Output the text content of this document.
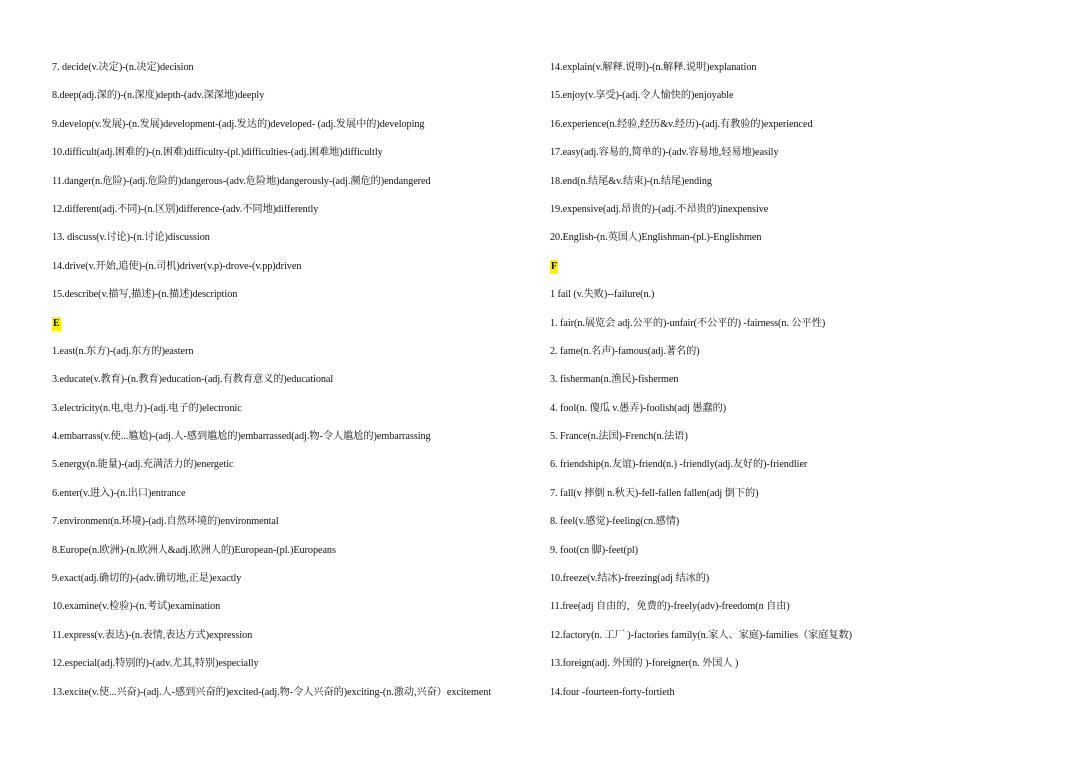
7. decide(v.决定)-(n.决定)decision
8.deep(adj.深的)-(n.深度)depth-(adv.深深地)deeply
9.develop(v.发展)-(n.发展)development-(adj.发达的)developed- (adj.发展中的)developing
10.difficult(adj.困难的)-(n.困难)difficulty-(pl.)difficulties-(adj.困难地)difficultly
11.danger(n.危险)-(adj.危险的)dangerous-(adv.危险地)dangerously-(adj.濒危的)endangered
12.different(adj.不同)-(n.区别)difference-(adv.不同地)differently
13. discuss(v.讨论)-(n.讨论)discussion
14.drive(v.开始,追使)-(n.司机)driver(v.p)-drove-(v.pp)driven
15.describe(v.描写,描述)-(n.描述)description
E
1.east(n.东方)-(adj.东方的)eastern
3.educate(v.教育)-(n.教育)education-(adj.有教育意义的)educational
3.electricity(n.电,电力)-(adj.电子的)electronic
4.embarrass(v.使...尴尬)-(adj.人-感到尴尬的)embarrassed(adj.物-令人尴尬的)embarrassing
5.energy(n.能量)-(adj.充满活力的)energetic
6.enter(v.进入)-(n.出口)entrance
7.environment(n.环境)-(adj.自然环境的)environmental
8.Europe(n.欧洲)-(n.欧洲人&adj.欧洲人的)European-(pl.)Europeans
9.exact(adj.确切的)-(adv.确切地,正是)exactly
10.examine(v.检验)-(n.考试)examination
11.express(v.表达)-(n.表情,表达方式)expression
12.especial(adj.特别的)-(adv.尤其,特别)especially
13.excite(v.使...兴奋)-(adj.人-感到兴奋的)excited-(adj.物-令人兴奋的)exciting-(n.激动,兴奋）excitement
14.explain(v.解释.说明)-(n.解释.说明)explanation
15.enjoy(v.享受)-(adj.令人愉快的)enjoyable
16.experience(n.经验,经历&v.经历)-(adj.有教验的)experienced
17.easy(adj.容易的,简单的)-(adv.容易地,轻易地)easily
18.end(n.结尾&v.结束)-(n.结尾)ending
19.expensive(adj.昂贵的)-(adj.不昂贵的)inexpensive
20.English-(n.英国人)Englishman-(pl.)-Englishmen
F
1 fail (v.失败)--failure(n.)
1. fair(n.展览会 adj.公平的)-unfair(不公平的) -fairness(n. 公平性)
2. fame(n.名声)-famous(adj.著名的)
3. fisherman(n.渔民)-fishermen
4. fool(n. 傻瓜 v.愚弄)-foolish(adj 愚蠢的)
5. France(n.法国)-French(n.法语)
6. friendship(n.友谊)-friend(n.) -friendly(adj.友好的)-friendlier
7. fall(v 摔倒 n.秋天)-fell-fallen fallen(adj 倒下的)
8. feel(v.感觉)-feeling(cn.感情)
9. foot(cn 脚)-feet(pl)
10.freeze(v.结冰)-freezing(adj 结冰的)
11.free(adj 自由的，免费的)-freely(adv)-freedom(n 自由)
12.factory(n. 工厂 )-factories family(n.家人、家庭)-families（家庭复数)
13.foreign(adj. 外国的 )-foreigner(n. 外国人 )
14.four -fourteen-forty-fortieth
